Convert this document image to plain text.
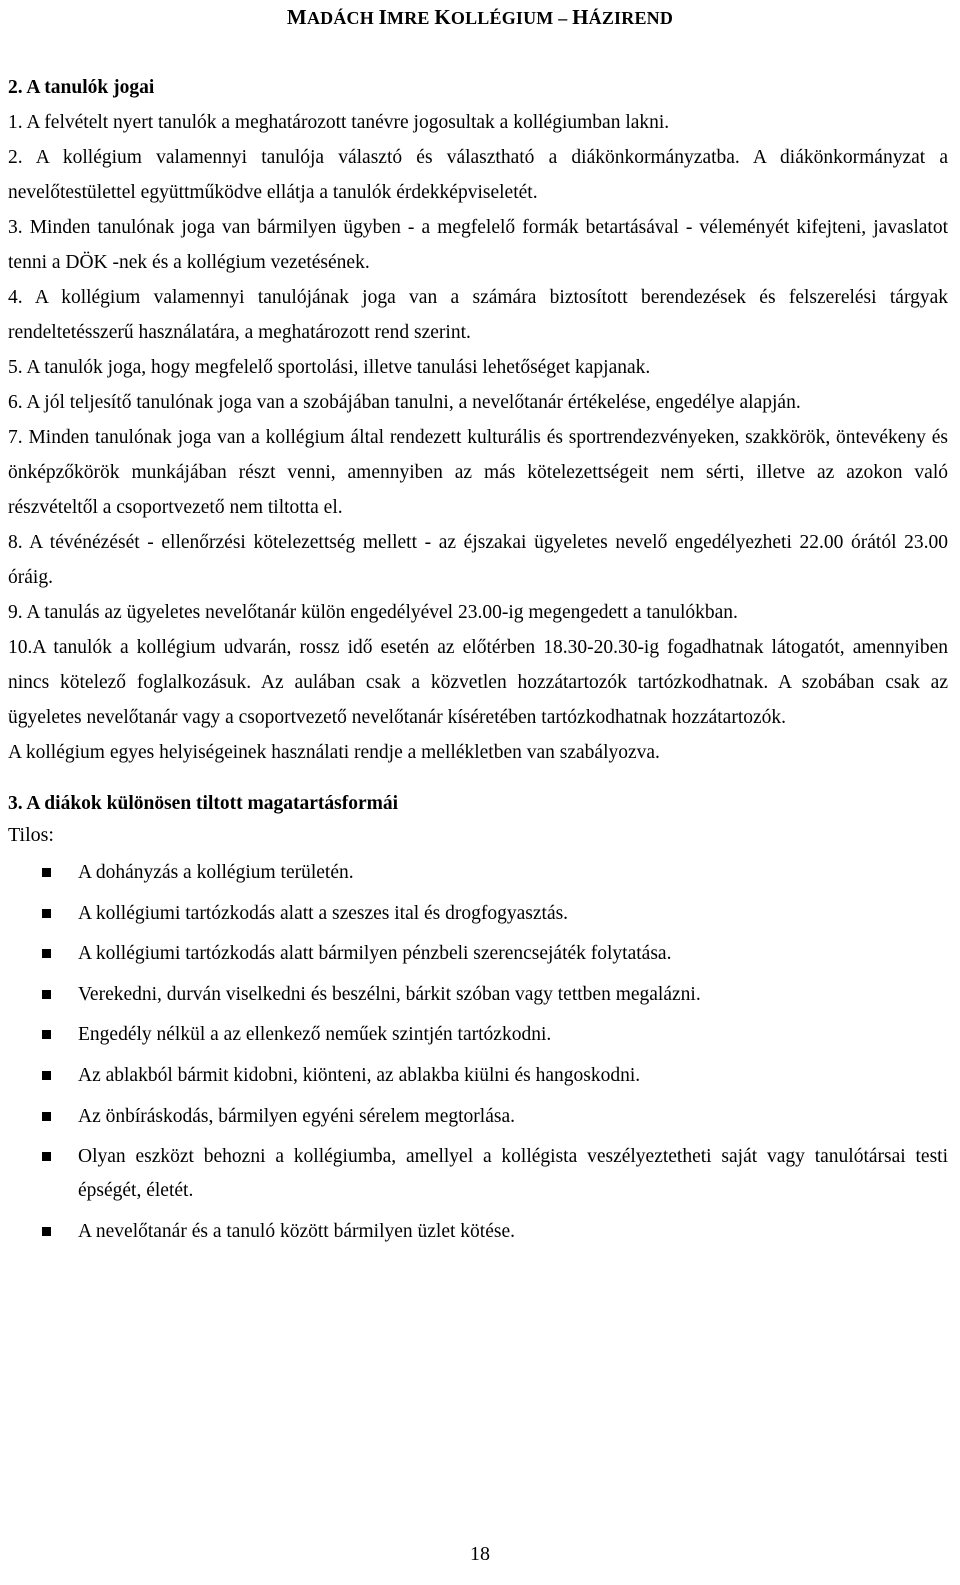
MADÁCH IMRE KOLLÉGIUM – HÁZIREND
2. A tanulók jogai

1. A felvételt nyert tanulók a meghatározott tanévre jogosultak a kollégiumban lakni.

2. A kollégium valamennyi tanulója választó és választható a diákönkormányzatba. A diákönkormányzat a nevelőtestülettel együttműködve ellátja a tanulók érdekképviseletét.

3. Minden tanulónak joga van bármilyen ügyben - a megfelelő formák betartásával - véleményét kifejteni, javaslatot tenni a DÖK -nek és a kollégium vezetésének.

4. A kollégium valamennyi tanulójának joga van a számára biztosított berendezések és felszerelési tárgyak rendeltetésszerű használatára, a meghatározott rend szerint.

5. A tanulók joga, hogy megfelelő sportolási, illetve tanulási lehetőséget kapjanak.

6. A jól teljesítő tanulónak joga van a szobájában tanulni, a nevelőtanár értékelése, engedélye alapján.

7. Minden tanulónak joga van a kollégium által rendezett kulturális és sportrendezvényeken, szakkörök, öntevékeny és önképzőkörök munkájában részt venni, amennyiben az más kötelezettségeit nem sérti, illetve az azokon való részvételtől a csoportvezető nem tiltotta el.

8. A tévénézését - ellenőrzési kötelezettség mellett - az éjszakai ügyeletes nevelő engedélyezheti 22.00 órától 23.00 óráig.

9. A tanulás az ügyeletes nevelőtanár külön engedélyével 23.00-ig megengedett a tanulókban.

10.A tanulók a kollégium udvarán, rossz idő esetén az előtérben 18.30-20.30-ig fogadhatnak látogatót, amennyiben nincs kötelező foglalkozásuk. Az aulában csak a közvetlen hozzátartozók tartózkodhatnak. A szobában csak az ügyeletes nevelőtanár vagy a csoportvezető nevelőtanár kíséretében tartózkodhatnak hozzátartozók.

A kollégium egyes helyiségeinek használati rendje a mellékletben van szabályozva.

3. A diákok különösen tiltott magatartásformái
Tilos:
A dohányzás a kollégium területén.
A kollégiumi tartózkodás alatt a szeszes ital és drogfogyasztás.
A kollégiumi tartózkodás alatt bármilyen pénzbeli szerencsejáték folytatása.
Verekedni, durván viselkedni és beszélni, bárkit szóban vagy tettben megalázni.
Engedély nélkül a az ellenkező neműek szintjén tartózkodni.
Az ablakból bármit kidobni, kiönteni, az ablakba kiülni és hangoskodni.
Az önbíráskodás, bármilyen egyéni sérelem megtorlása.
Olyan eszközt behozni a kollégiumba, amellyel a kollégista veszélyeztetheti saját vagy tanulótársai testi épségét, életét.
A nevelőtanár és a tanuló között bármilyen üzlet kötése.
18
